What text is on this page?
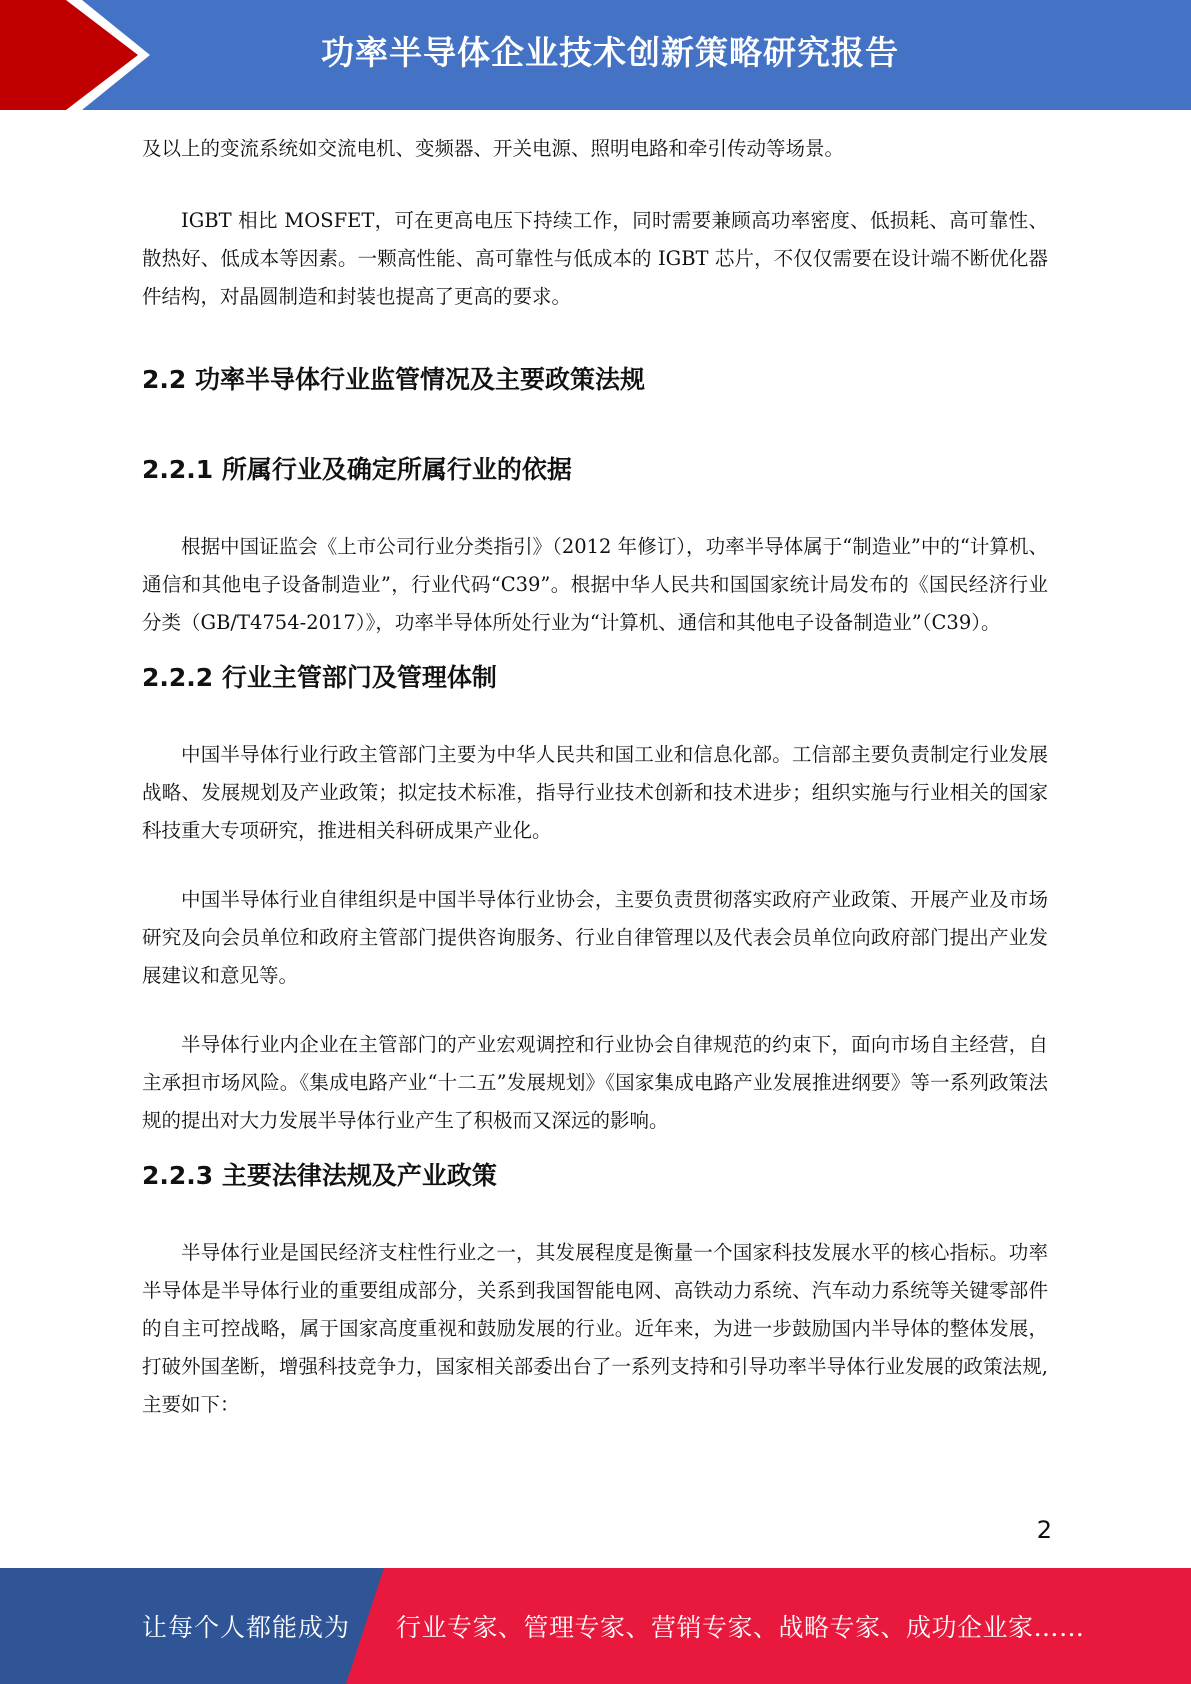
功率半导体企业技术创新策略研究报告

及以上的变流系统如交流电机、变频器、开关电源、照明电路和牵引传动等场景。

IGBT 相比 MOSFET，可在更高电压下持续工作，同时需要兼顾高功率密度、低损耗、高可靠性、散热好、低成本等因素。一颗高性能、高可靠性与低成本的 IGBT 芯片，不仅仅需要在设计端不断优化器件结构，对晶圆制造和封装也提高了更高的要求。

2.2 功率半导体行业监管情况及主要政策法规
2.2.1 所属行业及确定所属行业的依据

根据中国证监会《上市公司行业分类指引》（2012 年修订），功率半导体属于“制造业”中的“计算机、通信和其他电子设备制造业”，行业代码“C39”。根据中华人民共和国国家统计局发布的《国民经济行业分类（GB/T4754-2017）》，功率半导体所处行业为“计算机、通信和其他电子设备制造业”（C39）。

2.2.2 行业主管部门及管理体制

中国半导体行业行政主管部门主要为中华人民共和国工业和信息化部。工信部主要负责制定行业发展战略、发展规划及产业政策；拟定技术标准，指导行业技术创新和技术进步；组织实施与行业相关的国家科技重大专项研究，推进相关科研成果产业化。

中国半导体行业自律组织是中国半导体行业协会，主要负责贯彻落实政府产业政策、开展产业及市场研究及向会员单位和政府主管部门提供咨询服务、行业自律管理以及代表会员单位向政府部门提出产业发展建议和意见等。

半导体行业内企业在主管部门的产业宏观调控和行业协会自律规范的约束下，面向市场自主经营，自主承担市场风险。《集成电路产业“十二五”发展规划》《国家集成电路产业发展推进纲要》等一系列政策法规的提出对大力发展半导体行业产生了积极而又深远的影响。

2.2.3 主要法律法规及产业政策

半导体行业是国民经济支柱性行业之一，其发展程度是衡量一个国家科技发展水平的核心指标。功率半导体是半导体行业的重要组成部分，关系到我国智能电网、高铁动力系统、汽车动力系统等关键零部件的自主可控战略，属于国家高度重视和鼓励发展的行业。近年来，为进一步鼓励国内半导体的整体发展，打破外国垄断，增强科技竞争力，国家相关部委出台了一系列支持和引导功率半导体行业发展的政策法规,主要如下：

2
让每个人都能成为 行业专家、管理专家、营销专家、战略专家、成功企业家……
